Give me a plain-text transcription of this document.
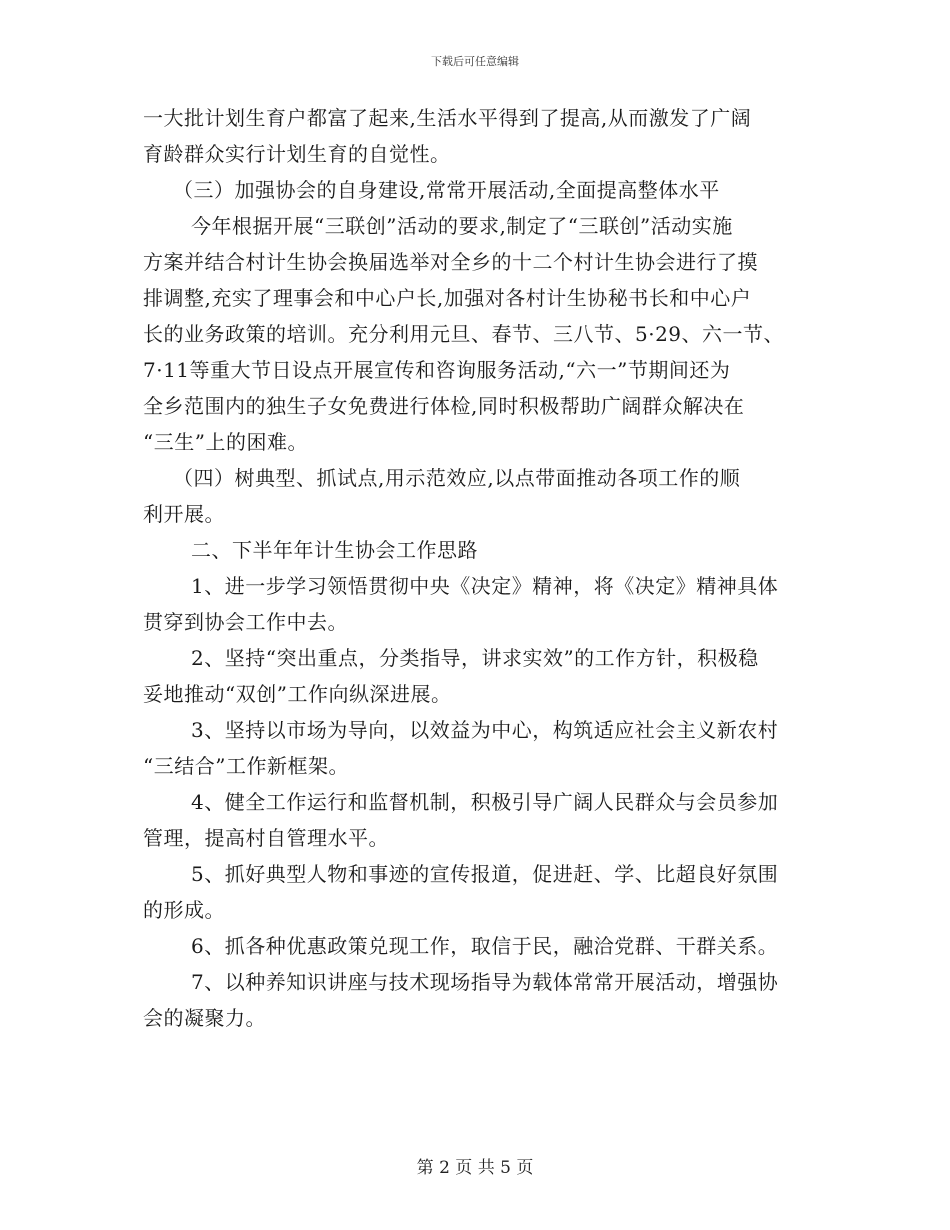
下载后可任意编辑
一大批计划生育户都富了起来,生活水平得到了提高,从而激发了广阔
育龄群众实行计划生育的自觉性。
（三）加强协会的自身建设,常常开展活动,全面提高整体水平
今年根据开展“三联创”活动的要求,制定了“三联创”活动实施
方案并结合村计生协会换届选举对全乡的十二个村计生协会进行了摸
排调整,充实了理事会和中心户长,加强对各村计生协秘书长和中心户
长的业务政策的培训。充分利用元旦、春节、三八节、5·29、六一节、
7·11等重大节日设点开展宣传和咨询服务活动,“六一”节期间还为
全乡范围内的独生子女免费进行体检,同时积极帮助广阔群众解决在
“三生”上的困难。
（四）树典型、抓试点,用示范效应,以点带面推动各项工作的顺
利开展。
二、下半年年计生协会工作思路
1、进一步学习领悟贯彻中央《决定》精神，将《决定》精神具体
贯穿到协会工作中去。
2、坚持“突出重点，分类指导，讲求实效”的工作方针，积极稳
妥地推动“双创”工作向纵深进展。
3、坚持以市场为导向，以效益为中心，构筑适应社会主义新农村
“三结合”工作新框架。
4、健全工作运行和监督机制，积极引导广阔人民群众与会员参加
管理，提高村自管理水平。
5、抓好典型人物和事迹的宣传报道，促进赶、学、比超良好氛围
的形成。
6、抓各种优惠政策兑现工作，取信于民，融洽党群、干群关系。
7、以种养知识讲座与技术现场指导为载体常常开展活动，增强协
会的凝聚力。
第 2 页 共 5 页
